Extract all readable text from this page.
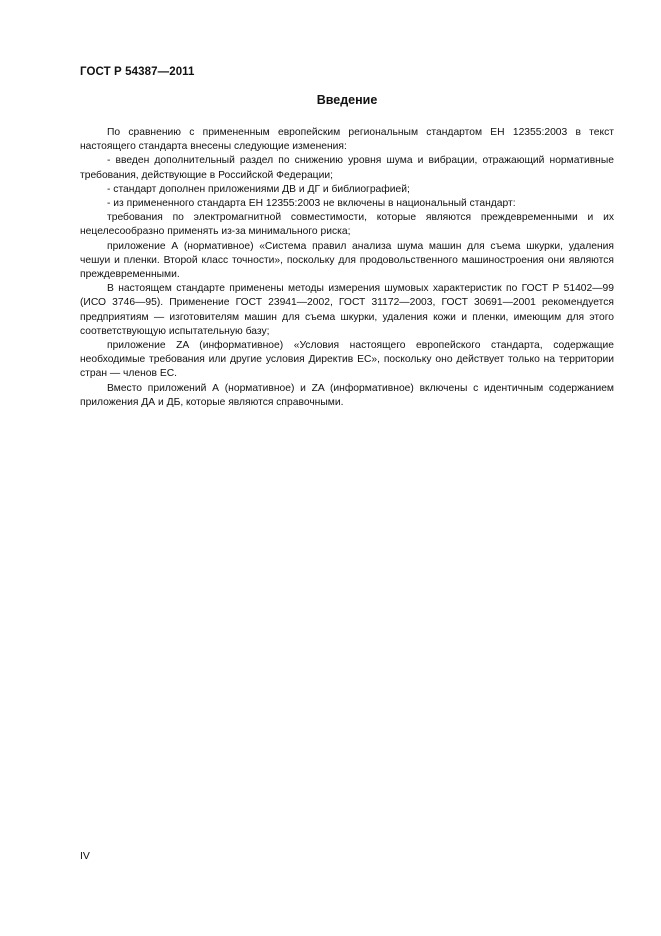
ГОСТ Р 54387—2011
Введение

По сравнению с примененным европейским региональным стандартом ЕН 12355:2003 в текст настоящего стандарта внесены следующие изменения:

- введен дополнительный раздел по снижению уровня шума и вибрации, отражающий нормативные требования, действующие в Российской Федерации;

- стандарт дополнен приложениями ДВ и ДГ и библиографией;

- из примененного стандарта ЕН 12355:2003 не включены в национальный стандарт:

требования по электромагнитной совместимости, которые являются преждевременными и их нецелесообразно применять из-за минимального риска;

приложение А (нормативное) «Система правил анализа шума машин для съема шкурки, удаления чешуи и пленки. Второй класс точности», поскольку для продовольственного машиностроения они являются преждевременными.

В настоящем стандарте применены методы измерения шумовых характеристик по ГОСТ Р 51402—99 (ИСО 3746—95). Применение ГОСТ 23941—2002, ГОСТ 31172—2003, ГОСТ 30691—2001 рекомендуется предприятиям — изготовителям машин для съема шкурки, удаления кожи и пленки, имеющим для этого соответствующую испытательную базу;

приложение ZA (информативное) «Условия настоящего европейского стандарта, содержащие необходимые требования или другие условия Директив ЕС», поскольку оно действует только на территории стран — членов ЕС.

Вместо приложений А (нормативное) и ZA (информативное) включены с идентичным содержанием приложения ДА и ДБ, которые являются справочными.

IV
